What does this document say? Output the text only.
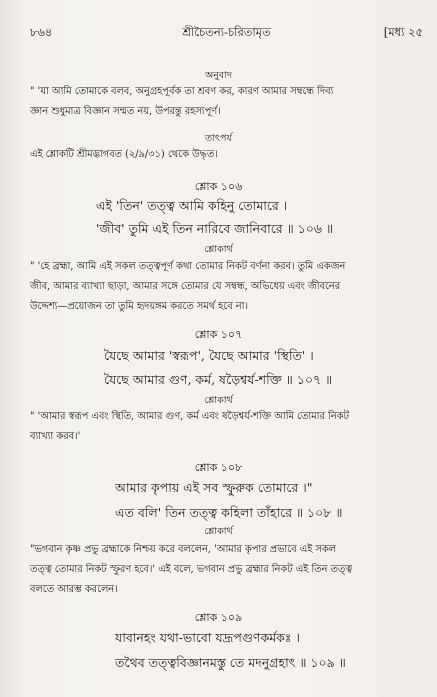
৮৬৪	শ্রীচৈতন্য-চরিতামৃত	[মধ্য ২৫
অনুবাদ
" 'যা আমি তোমাকে বলব, অনুগ্রহপূর্বক তা শ্রবণ কর, কারণ আমার সম্বন্ধে দিব্য
জ্ঞান শুধুমাত্র বিজ্ঞান সম্মত নয়, উপরন্তু রহস্যপূর্ণ।
তাৎপর্য
এই শ্লোকটি শ্রীমদ্ভাগবত (২/৯/৩১) থেকে উদ্ধৃত।
শ্লোক ১০৬
এই 'তিন' তত্ত্ব আমি কহিনু তোমারে ।
'জীব' তুমি এই তিন নারিবে জানিবারে ॥ ১০৬ ॥
শ্লোকার্থ
" 'হে ব্রহ্মা, আমি এই সকল তত্ত্বপূর্ণ কথা তোমার নিকট বর্ণনা করব। তুমি একজন
জীব, আমার ব্যাখ্যা ছাড়া, আমার সঙ্গে তোমার যে সম্বন্ধ, অভিধেয় এবং জীবনের
উদ্দেশ্য—প্রয়োজন তা তুমি হৃদয়ঙ্গম করতে সমর্থ হবে না।
শ্লোক ১০৭
যৈছে আমার 'স্বরূপ', যৈছে আমার 'স্থিতি' ।
যৈছে আমার গুণ, কর্ম, ষড়ৈশ্বর্য-শক্তি ॥ ১০৭ ॥
শ্লোকার্থ
" 'আমার স্বরূপ এবং স্থিতি, আমার গুণ, কর্ম এবং ষড়ৈশ্বর্য-শক্তি আমি তোমার নিকট
ব্যাখ্যা করব।'
শ্লোক ১০৮
আমার কৃপায় এই সব স্ফুরুক তোমারে ।"
এত বলি' তিন তত্ত্ব কহিলা তাঁহারে ॥ ১০৮ ॥
শ্লোকার্থ
"ভগবান কৃষ্ণ প্রভু ব্রহ্মাকে নিশ্চয় করে বললেন, 'আমার কৃপার প্রভাবে এই সকল
তত্ত্ব তোমার নিকট স্ফুরণ হবে।' এই বলে, ভগবান প্রভু ব্রহ্মার নিকট এই তিন তত্ত্ব
বলতে আরম্ভ করলেন।
শ্লোক ১০৯
যাবানহং যথা-ভাবো যদ্রূপগুণকর্মকঃ ।
তথৈব তত্ত্ববিজ্ঞানমস্তু তে মদনুগ্রহাৎ ॥ ১০৯ ॥
